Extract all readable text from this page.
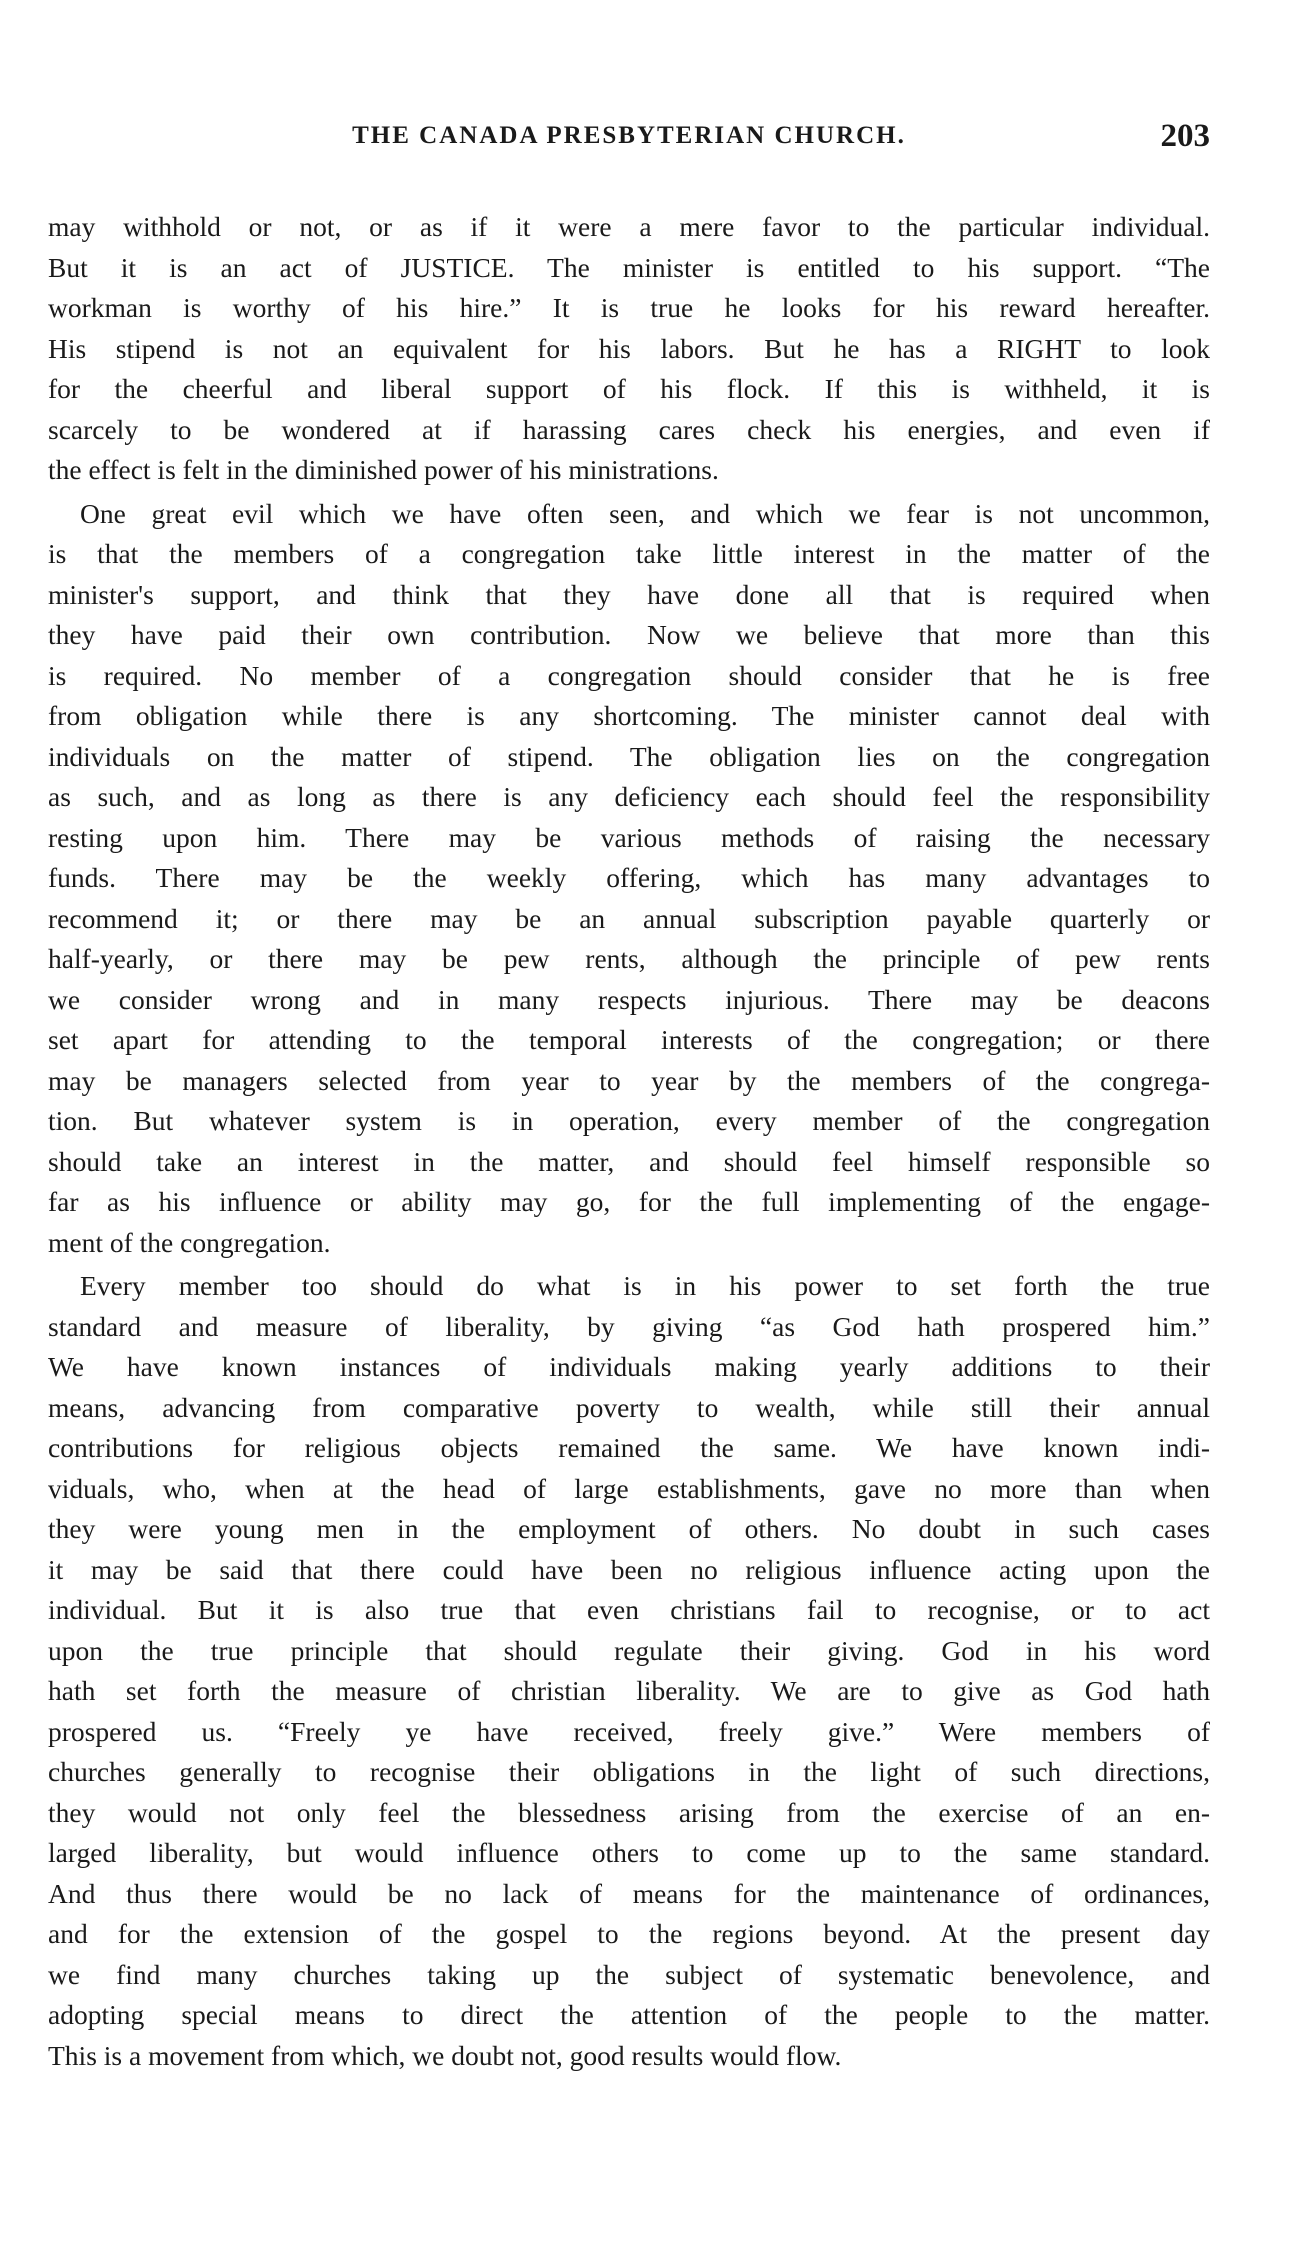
THE CANADA PRESBYTERIAN CHURCH.	203
may withhold or not, or as if it were a mere favor to the particular individual.
But it is an act of JUSTICE. The minister is entitled to his support. “The
workman is worthy of his hire.” It is true he looks for his reward hereafter.
His stipend is not an equivalent for his labors. But he has a RIGHT to look
for the cheerful and liberal support of his flock. If this is withheld, it is
scarcely to be wondered at if harassing cares check his energies, and even if
the effect is felt in the diminished power of his ministrations.
One great evil which we have often seen, and which we fear is not uncommon,
is that the members of a congregation take little interest in the matter of the
minister's support, and think that they have done all that is required when
they have paid their own contribution. Now we believe that more than this
is required. No member of a congregation should consider that he is free
from obligation while there is any shortcoming. The minister cannot deal with
individuals on the matter of stipend. The obligation lies on the congregation
as such, and as long as there is any deficiency each should feel the responsibility
resting upon him. There may be various methods of raising the necessary
funds. There may be the weekly offering, which has many advantages to
recommend it; or there may be an annual subscription payable quarterly or
half-yearly, or there may be pew rents, although the principle of pew rents
we consider wrong and in many respects injurious. There may be deacons
set apart for attending to the temporal interests of the congregation; or there
may be managers selected from year to year by the members of the congrega-
tion. But whatever system is in operation, every member of the congregation
should take an interest in the matter, and should feel himself responsible so
far as his influence or ability may go, for the full implementing of the engage-
ment of the congregation.
Every member too should do what is in his power to set forth the true
standard and measure of liberality, by giving “as God hath prospered him.”
We have known instances of individuals making yearly additions to their
means, advancing from comparative poverty to wealth, while still their annual
contributions for religious objects remained the same. We have known indi-
viduals, who, when at the head of large establishments, gave no more than when
they were young men in the employment of others. No doubt in such cases
it may be said that there could have been no religious influence acting upon the
individual. But it is also true that even christians fail to recognise, or to act
upon the true principle that should regulate their giving. God in his word
hath set forth the measure of christian liberality. We are to give as God hath
prospered us. “Freely ye have received, freely give.” Were members of
churches generally to recognise their obligations in the light of such directions,
they would not only feel the blessedness arising from the exercise of an en-
larged liberality, but would influence others to come up to the same standard.
And thus there would be no lack of means for the maintenance of ordinances,
and for the extension of the gospel to the regions beyond. At the present day
we find many churches taking up the subject of systematic benevolence, and
adopting special means to direct the attention of the people to the matter.
This is a movement from which, we doubt not, good results would flow.
